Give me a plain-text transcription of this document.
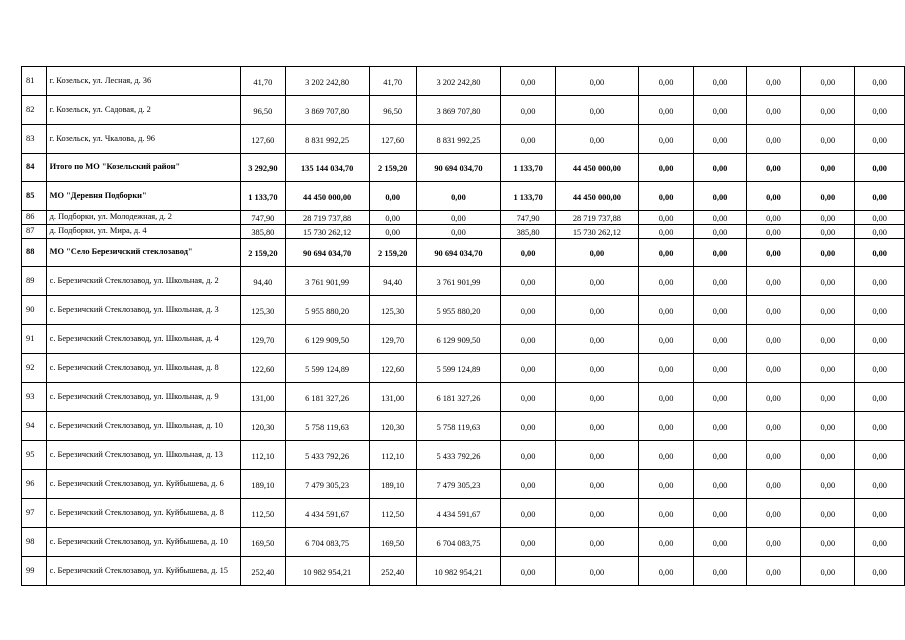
81	г. Козельск, ул. Лесная, д. 36	41,70	3 202 242,80	41,70	3 202 242,80	0,00	0,00	0,00	0,00	0,00	0,00	0,00
82	г. Козельск, ул. Садовая, д. 2	96,50	3 869 707,80	96,50	3 869 707,80	0,00	0,00	0,00	0,00	0,00	0,00	0,00
83	г. Козельск, ул. Чкалова, д. 96	127,60	8 831 992,25	127,60	8 831 992,25	0,00	0,00	0,00	0,00	0,00	0,00	0,00
84	Итого по МО "Козельский район"	3 292,90	135 144 034,70	2 159,20	90 694 034,70	1 133,70	44 450 000,00	0,00	0,00	0,00	0,00	0,00
85	МО "Деревня Подборки"	1 133,70	44 450 000,00	0,00	0,00	1 133,70	44 450 000,00	0,00	0,00	0,00	0,00	0,00
86	д. Подборки, ул. Молодежная, д. 2	747,90	28 719 737,88	0,00	0,00	747,90	28 719 737,88	0,00	0,00	0,00	0,00	0,00
87	д. Подборки, ул. Мира, д. 4	385,80	15 730 262,12	0,00	0,00	385,80	15 730 262,12	0,00	0,00	0,00	0,00	0,00
88	МО "Село Березичский стеклозавод"	2 159,20	90 694 034,70	2 159,20	90 694 034,70	0,00	0,00	0,00	0,00	0,00	0,00	0,00
89	с. Березичский Стеклозавод, ул. Школьная, д. 2	94,40	3 761 901,99	94,40	3 761 901,99	0,00	0,00	0,00	0,00	0,00	0,00	0,00
90	с. Березичский Стеклозавод, ул. Школьная, д. 3	125,30	5 955 880,20	125,30	5 955 880,20	0,00	0,00	0,00	0,00	0,00	0,00	0,00
91	с. Березичский Стеклозавод, ул. Школьная, д. 4	129,70	6 129 909,50	129,70	6 129 909,50	0,00	0,00	0,00	0,00	0,00	0,00	0,00
92	с. Березичский Стеклозавод, ул. Школьная, д. 8	122,60	5 599 124,89	122,60	5 599 124,89	0,00	0,00	0,00	0,00	0,00	0,00	0,00
93	с. Березичский Стеклозавод, ул. Школьная, д. 9	131,00	6 181 327,26	131,00	6 181 327,26	0,00	0,00	0,00	0,00	0,00	0,00	0,00
94	с. Березичский Стеклозавод, ул. Школьная, д. 10	120,30	5 758 119,63	120,30	5 758 119,63	0,00	0,00	0,00	0,00	0,00	0,00	0,00
95	с. Березичский Стеклозавод, ул. Школьная, д. 13	112,10	5 433 792,26	112,10	5 433 792,26	0,00	0,00	0,00	0,00	0,00	0,00	0,00
96	с. Березичский Стеклозавод, ул. Куйбышева, д. 6	189,10	7 479 305,23	189,10	7 479 305,23	0,00	0,00	0,00	0,00	0,00	0,00	0,00
97	с. Березичский Стеклозавод, ул. Куйбышева, д. 8	112,50	4 434 591,67	112,50	4 434 591,67	0,00	0,00	0,00	0,00	0,00	0,00	0,00
98	с. Березичский Стеклозавод, ул. Куйбышева, д. 10	169,50	6 704 083,75	169,50	6 704 083,75	0,00	0,00	0,00	0,00	0,00	0,00	0,00
99	с. Березичский Стеклозавод, ул. Куйбышева, д. 15	252,40	10 982 954,21	252,40	10 982 954,21	0,00	0,00	0,00	0,00	0,00	0,00	0,00
